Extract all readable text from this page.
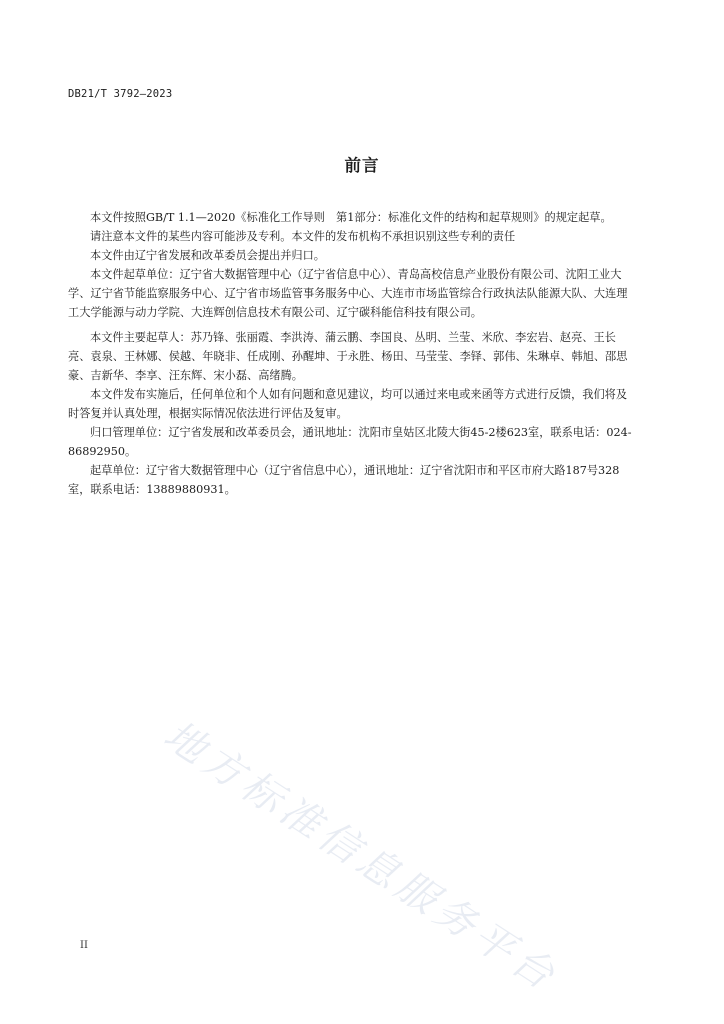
DB21/T 3792—2023
前言

本文件按照GB/T 1.1—2020《标准化工作导则　第1部分：标准化文件的结构和起草规则》的规定起草。

请注意本文件的某些内容可能涉及专利。本文件的发布机构不承担识别这些专利的责任

本文件由辽宁省发展和改革委员会提出并归口。

本文件起草单位：辽宁省大数据管理中心（辽宁省信息中心）、青岛高校信息产业股份有限公司、沈阳工业大学、辽宁省节能监察服务中心、辽宁省市场监管事务服务中心、大连市市场监管综合行政执法队能源大队、大连理工大学能源与动力学院、大连辉创信息技术有限公司、辽宁碳科能信科技有限公司。

本文件主要起草人：苏乃锋、张丽霞、李洪涛、蒲云鹏、李国良、丛明、兰莹、米欣、李宏岩、赵亮、王长亮、袁泉、王林娜、侯越、年晓非、任成刚、孙醒坤、于永胜、杨田、马莹莹、李铎、郭伟、朱琳卓、韩旭、邵思豪、吉新华、李享、汪东辉、宋小磊、高绪腾。

本文件发布实施后，任何单位和个人如有问题和意见建议，均可以通过来电或来函等方式进行反馈，我们将及时答复并认真处理，根据实际情况依法进行评估及复审。

归口管理单位：辽宁省发展和改革委员会，通讯地址：沈阳市皇姑区北陵大街45-2楼623室，联系电话：024-86892950。

起草单位：辽宁省大数据管理中心（辽宁省信息中心），通讯地址：辽宁省沈阳市和平区市府大路187号328室，联系电话：13889880931。

地方标准信息服务平台
II
